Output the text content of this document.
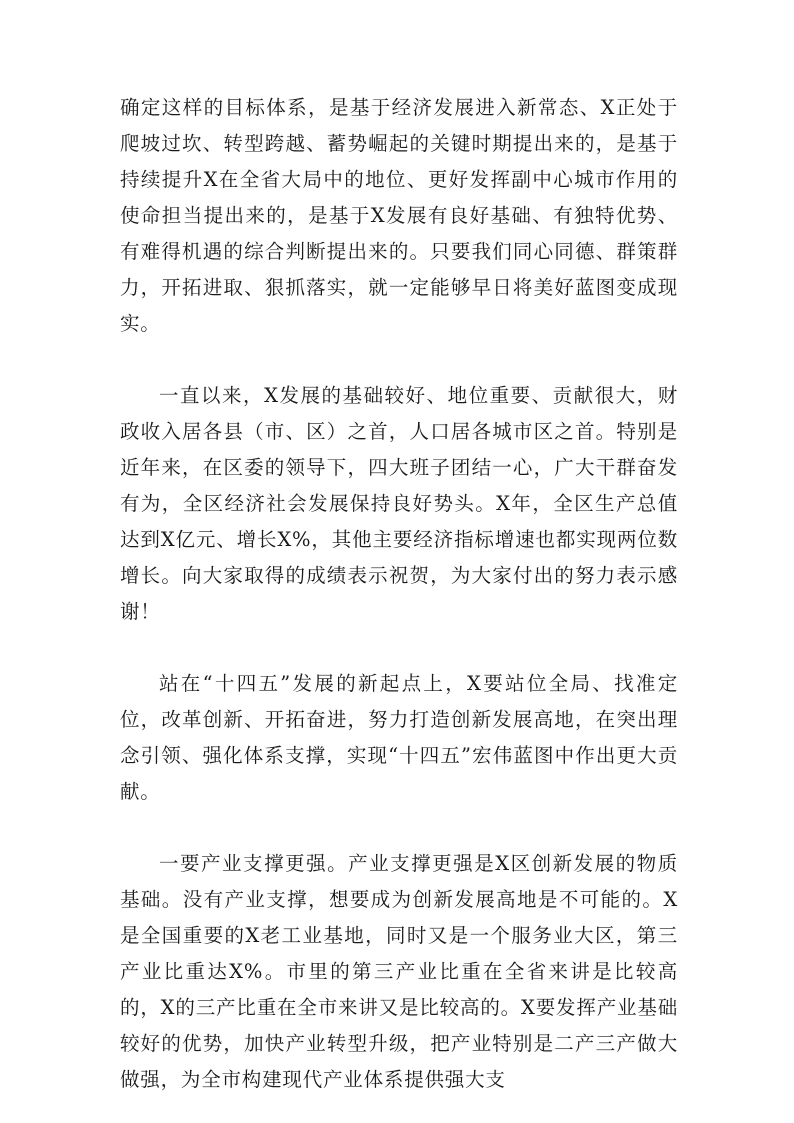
确定这样的目标体系，是基于经济发展进入新常态、X正处于爬坡过坎、转型跨越、蓄势崛起的关键时期提出来的，是基于持续提升X在全省大局中的地位、更好发挥副中心城市作用的使命担当提出来的，是基于X发展有良好基础、有独特优势、有难得机遇的综合判断提出来的。只要我们同心同德、群策群力，开拓进取、狠抓落实，就一定能够早日将美好蓝图变成现实。

一直以来，X发展的基础较好、地位重要、贡献很大，财政收入居各县（市、区）之首，人口居各城市区之首。特别是近年来，在区委的领导下，四大班子团结一心，广大干群奋发有为，全区经济社会发展保持良好势头。X年，全区生产总值达到X亿元、增长X%，其他主要经济指标增速也都实现两位数增长。向大家取得的成绩表示祝贺，为大家付出的努力表示感谢！

站在“十四五”发展的新起点上，X要站位全局、找准定位，改革创新、开拓奋进，努力打造创新发展高地，在突出理念引领、强化体系支撑，实现“十四五”宏伟蓝图中作出更大贡献。

一要产业支撑更强。产业支撑更强是X区创新发展的物质基础。没有产业支撑，想要成为创新发展高地是不可能的。X是全国重要的X老工业基地，同时又是一个服务业大区，第三产业比重达X%。市里的第三产业比重在全省来讲是比较高的，X的三产比重在全市来讲又是比较高的。X要发挥产业基础较好的优势，加快产业转型升级，把产业特别是二产三产做大做强，为全市构建现代产业体系提供强大支
